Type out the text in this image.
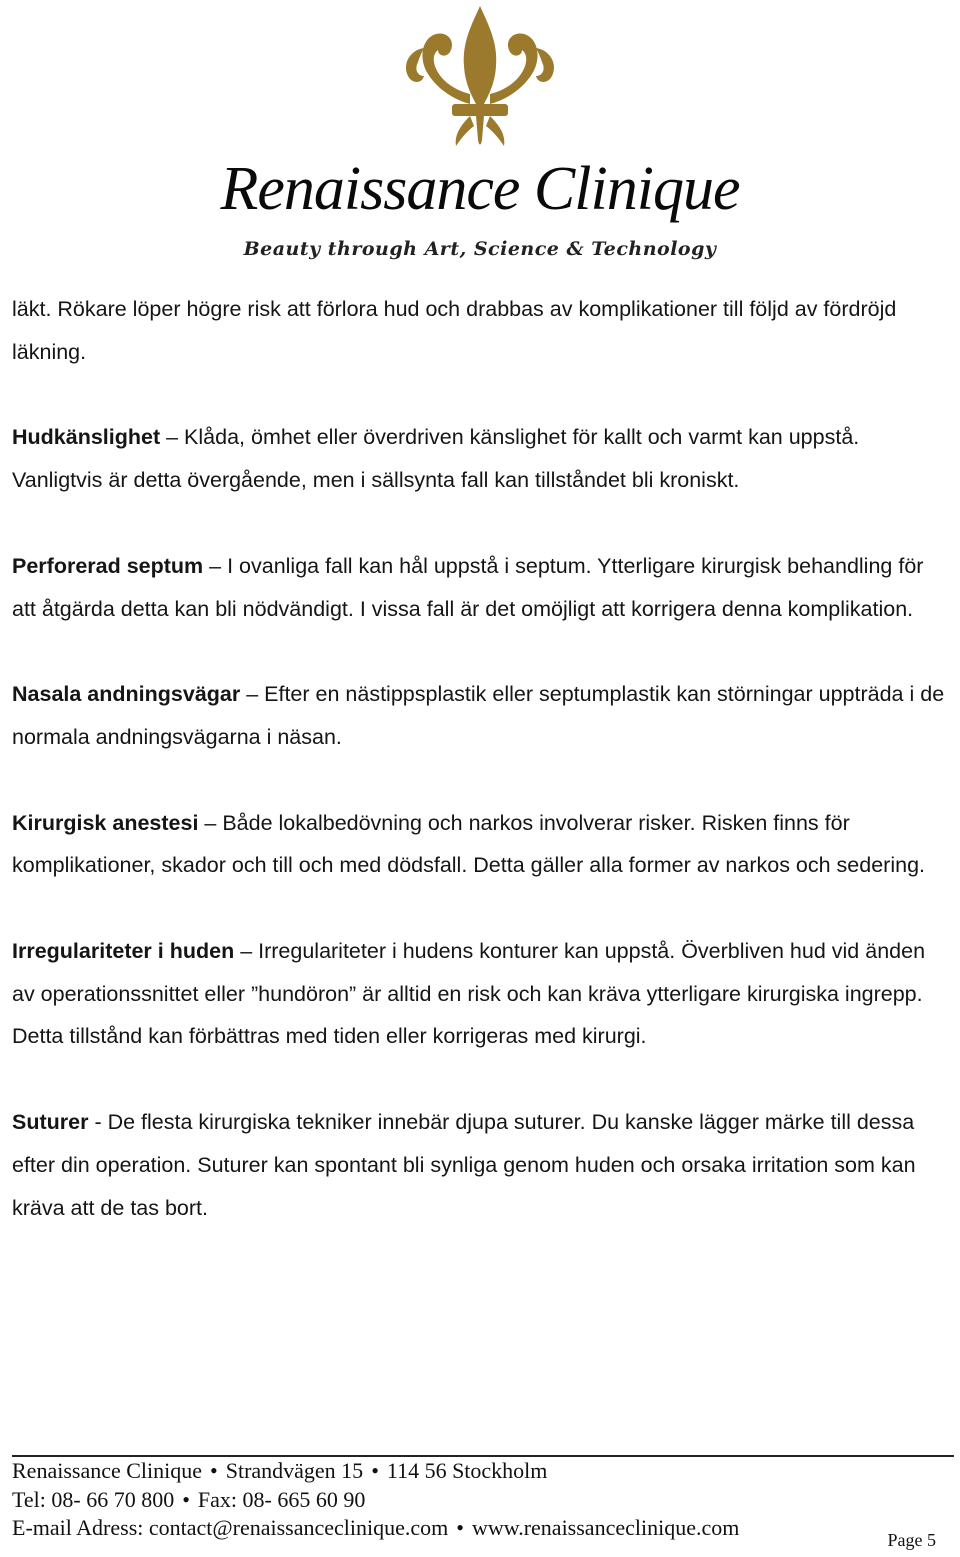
Renaissance Clinique
Beauty through Art, Science & Technology

läkt. Rökare löper högre risk att förlora hud och drabbas av komplikationer till följd av fördröjd läkning.

Hudkänslighet – Klåda, ömhet eller överdriven känslighet för kallt och varmt kan uppstå. Vanligtvis är detta övergående, men i sällsynta fall kan tillståndet bli kroniskt.

Perforerad septum – I ovanliga fall kan hål uppstå i septum. Ytterligare kirurgisk behandling för att åtgärda detta kan bli nödvändigt. I vissa fall är det omöjligt att korrigera denna komplikation.

Nasala andningsvägar – Efter en nästippsplastik eller septumplastik kan störningar uppträda i de normala andningsvägarna i näsan.

Kirurgisk anestesi – Både lokalbedövning och narkos involverar risker. Risken finns för komplikationer, skador och till och med dödsfall. Detta gäller alla former av narkos och sedering.

Irregulariteter i huden – Irregulariteter i hudens konturer kan uppstå. Överbliven hud vid änden av operationssnittet eller ”hundöron” är alltid en risk och kan kräva ytterligare kirurgiska ingrepp. Detta tillstånd kan förbättras med tiden eller korrigeras med kirurgi.

Suturer - De flesta kirurgiska tekniker innebär djupa suturer. Du kanske lägger märke till dessa efter din operation. Suturer kan spontant bli synliga genom huden och orsaka irritation som kan kräva att de tas bort.

Renaissance Clinique • Strandvägen 15 • 114 56 Stockholm
Tel: 08- 66 70 800 • Fax: 08- 665 60 90
E-mail Adress: contact@renaissanceclinique.com • www.renaissanceclinique.com	Page 5
